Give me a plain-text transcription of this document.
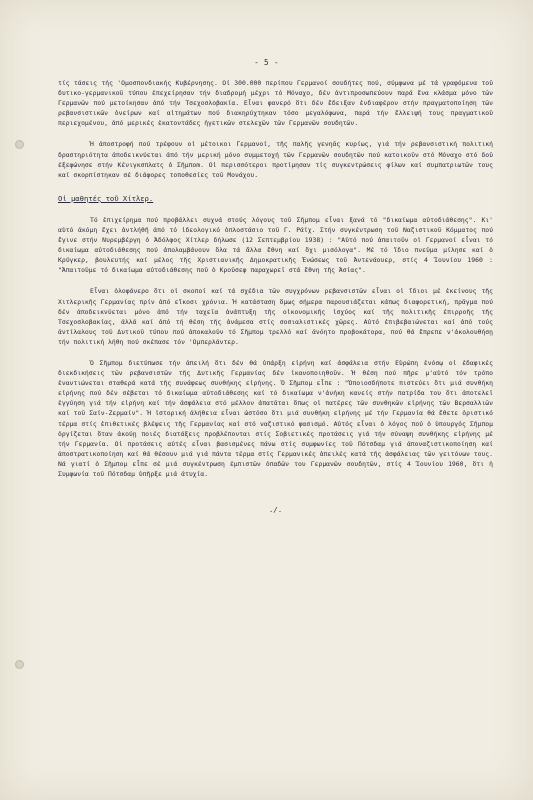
- 5 -

τίς τάσεις τής 'Ομοσπονδιακής Κυβέρνησης. Οί 300.000 περίπου Γερμανοί σουδήτες πού, σύμφωνα μέ τά γραφόμενα τοῦ δυτικο-γερμανικοῦ τύπου ἐπεχείρησαν τήν διαδρομή μέχρι τό Μόναχο, δέν ἀντιπροσωπεύουν παρά ἕνα κλάσμα μόνο τῶν Γερμανῶν πού μετοίκησαν ἀπό τήν Τσεχοσλοβακία. Εἶναι φανερό ὅτι δέν ἔδειξαν ἐνδιαφέρον στήν πραγματοποίηση τῶν ρεβανσιστικῶν ὀνείρων καί αἰτημάτων πού διακηρύχτηκαν τόσο μεγαλόφωνα, παρά τήν ἔλλειψή τους πραγματικοῦ περιεχομένου, ἀπό μερικές ἑκατοντάδες ἡγετικῶν στελεχῶν τῶν Γερμανῶν σουδητῶν.

Ἡ ἀποστροφή πού τρέφουν οἱ μέτοικοι Γερμανοί, τῆς παλῆς γενηᾶς κυρίως, γιά τήν ρεβανσιστική πολιτική δραστηριότητα ἀποδεικνύεται ἀπό τήν μερική μόνο συμμετοχή τῶν Γερμανῶν σουδητῶν πού κατοικοῦν στό Μόναχο στό δοῦ ἐξεφώνησε στήν Κένιγκσπλατς ὁ Σῆμποm. Οἱ περισσότεροι προτίμησαν τίς συγκεντρώσεις φίλων καί συμπατριωτῶν τους καί σκορπίστηκαν σέ διάφορες τοποθεσίες τοῦ Μονάχου.

Οἱ μαθητές τοῦ Χίτλερ.

Τό ἐπιχείρημα πού προβάλλει συχνά στούς λόγους τοῦ Σῆμπομ εἶναι ξανά τό "δικαίωμα αὐτοδιάθεσης". Κι' αὐτό ἀκόμη ἔχει ἀντλήθῆ ἀπό τό ἰδεολογικό ὁπλοστάσιο τοῦ Γ. Ράϊχ. Στήν συγκέντρωση τοῦ Ναζιστικοῦ Κόμματος πού ἔγινε στήν Νυρεμβέργη ὁ Ἀδόλφος Χίτλερ δήλωσε (12 Σεπτεμβρίου 1938) : "Αὐτό πού ἀπαιτοῦν οἱ Γερμανοί εἶναι τό δικαίωμα αὐτοδιάθεσης πού ἀπολαμβάνουν ὅλα τά ἄλλα ἔθνη καί ὄχι μισόλογα". Μέ τό ἴδιο πνεῦμα μίλησε καί ὁ Κρύγκερ, βουλευτής καί μέλος τῆς Χριστιανικῆς Δημοκρατικῆς Ἑνώσεως τοῦ Ἀντενάουερ, στίς 4 Ἰουνίου 1960 : "Ἀπαιτοῦμε τό δικαίωμα αὐτοδιάθεσης ποῦ ὁ Κροῦσεφ παραχωρεῖ στά ἔθνη τῆς Ἀσίας".

Εἶναι ὁλοφάνερο ὅτι οἱ σκοποί καί τά σχέδια τῶν συγχρόνων ρεβανσιστῶν εἶναι οἱ ἴδιοι μέ ἐκείνους τῆς Χιτλερικῆς Γερμανίας πρίν ἀπό εἴκοσι χρόνια. Ἡ κατάσταση ὅμως σήμερα παρουσιάζεται κάπως διαφορετική, πρᾶγμα πού δέν ἀποδεικνύεται μόνο ἀπό τήν ταχεῖα ἀνάπτυξη τῆς οἰκονομικῆς ἰσχύος καί τῆς πολιτικῆς ἐπιρροῆς τῆς Τσεχοσλοβακίας, ἀλλά καί ἀπό τή θέση τῆς ἀνάμεσα στίς σοσιαλιστικές χῶρες. Αὐτό ἐπιβεβαιώνεται καί ἀπό τούς ἀντίλαλους τοῦ Δυτικοῦ τύπου πού ἀποκαλοῦν τό Σῆμπομ τρελλό καί ἀνόητο προβοκάτορα, πού θά ἔπρεπε ν'ἀκολουθήσῃ τήν πολιτική λήθη πού σκέπασε τόν 'Ομπερλάντερ.

Ὁ Σῆμπομ διετύπωσε τήν ἀπειλή ὅτι δέν θά ὑπάρξη εἰρήνη καί ἀσφάλεια στήν Εὐρώπη ἐνόσῳ οἱ ἐδαφικές διεκδικήσεις τῶν ρεβανσιστῶν τῆς Δυτικῆς Γερμανίας δέν ἱκανοποιηθοῦν. Ἡ θέση πού πῆρε μ'αὐτό τόν τρόπο ἐναντιώνεται σταθερά κατά τῆς συνάφεως συνθήκης εἰρήνης. Ὁ Σῆμπομ εἶπε : "Ὁποιοσδήποτε πιστεύει ὅτι μιά συνθήκη εἰρήνης πού δέν σέβεται τό δικαίωμα αὐτοδιάθεσης καί τό δικαίωμα ν'ἀνήκη κανείς στήν πατρίδα του ὅτι ἀποτελεῖ ἐγγύηση γιά τήν εἰρήνη καί τήν ἀσφάλεια στό μέλλον ἀπατᾶται ὅπως οἱ πατέρες τῶν συνθηκῶν εἰρήνης τῶν Βερσαλλιῶν καί τοῦ Σαίν-Ζερμαίν". Ἡ ἱστορική ἀλήθεια εἶναι ὡστόσο ὅτι μιά συνθήκη εἰρήνης μέ τήν Γερμανία θά ἔθετε ὁριστικό τέρμα στίς ἐπιθετικές βλέψεις τῆς Γερμανίας καί στό ναζιστικό φασισμό. Αὐτός εἶναι ὁ λόγος πού ὁ ὑπουργός Σῆμπομ ὀργίζεται ὅταν ἀκούῃ ποιές διατάξεις προβλέπονται στίς Σοβιετικές προτάσεις γιά τήν σύναψη συνθήκης εἰρήνης μέ τήν Γερμανία. Οἱ προτάσεις αὐτές εἶναι βασισμένες πάνω στίς συμφωνίες τοῦ Πότσδαμ γιά ἀποναζιστικοποίηση καί ἀποστρατικοποίηση καί θά θέσουν μιά γιά πάντα τέρμα στίς Γερμανικές ἀπειλές κατά τῆς ἀσφάλειας τῶν γειτόνων τους. Νά γιατί ὁ Σῆμπομ εἶπε σέ μιά συγκέντρωση ἐμπιστῶν ὁπαδῶν του Γερμανῶν σουδητῶν, στίς 4 Ἰουνίου 1960, ὅτι ἡ Συμφωνία τοῦ Πότσδαμ ὑπῆρξε μιά ἀτυχία.

./.
